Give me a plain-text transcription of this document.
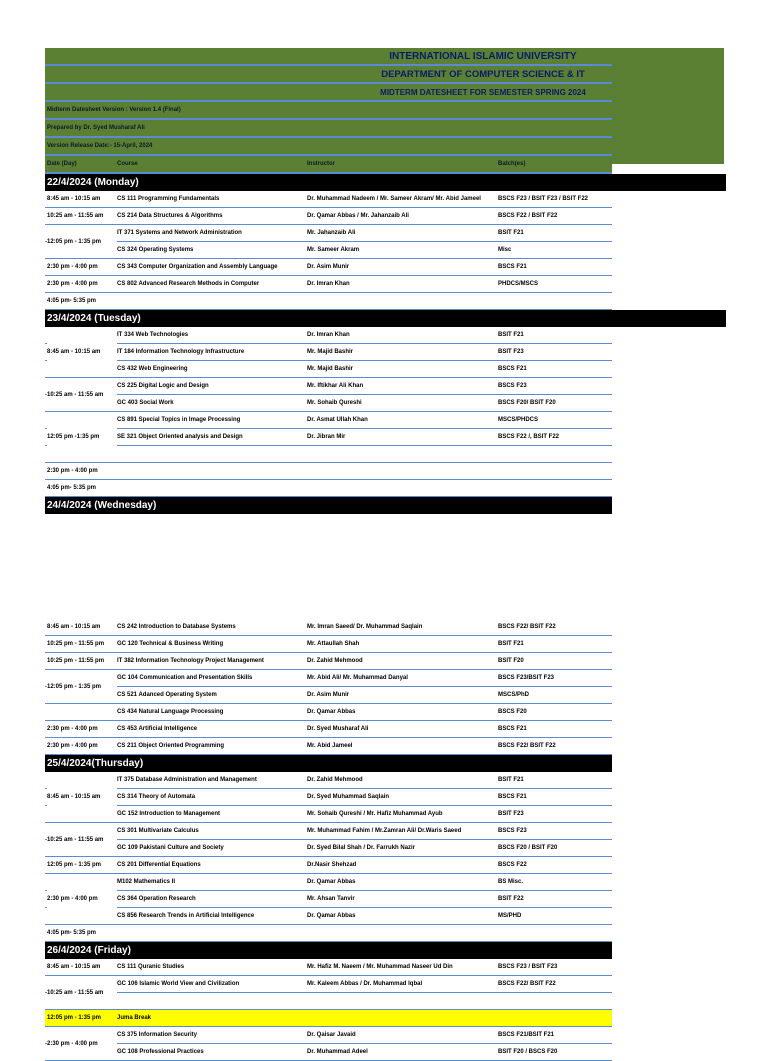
INTERNATIONAL ISLAMIC UNIVERSITY
DEPARTMENT OF COMPUTER SCIENCE & IT
MIDTERM DATESHEET FOR SEMESTER SPRING 2024
Midterm Datesheet Version : Version 1.4 (Final)
Prepared by Dr. Syed Musharaf Ali
Version Release Date:- 15-April, 2024
Date (Day)	Course	Instructor	Batch(es)
22/4/2024 (Monday)
8:45 am - 10:15 am	CS 111 Programming Fundamentals	Dr. Muhammad Nadeem / Mr. Sameer Akram/ Mr. Abid Jameel	BSCS F23 / BSIT F23 / BSIT F22
10:25 am - 11:55 am	CS 214 Data Structures & Algorithms	Dr. Qamar Abbas / Mr. Jahanzaib Ali	BSCS F22 / BSIT F22
12:05 pm - 1:35 pm
IT 371 Systems and Network Administration	Mr. Jahanzaib Ali	BSIT F21
CS 324 Operating Systems	Mr. Sameer Akram	Misc
2:30 pm - 4:00 pm	CS 343 Computer Organization and Assembly Language	Dr. Asim Munir	BSCS F21
2:30 pm - 4:00 pm	CS 802 Advanced Research Methods in Computer	Dr. Imran Khan	PHDCS/MSCS
4:05 pm- 5:35 pm
23/4/2024 (Tuesday)
8:45 am - 10:15 am
IT 334 Web Technologies	Dr. Imran Khan	BSIT F21
IT 184 Information Technology Infrastructure	Mr. Majid Bashir	BSIT F23
CS 432 Web Engineering	Mr. Majid Bashir	BSCS F21
10:25 am - 11:55 am
CS 225 Digital Logic and Design	Mr. Iftikhar Ali Khan	BSCS F23
GC 403 Social Work	Mr. Sohaib Qureshi	BSCS F20/ BSIT F20
12:05 pm -1:35 pm
CS 891 Special Topics in Image Processing	Dr. Asmat Ullah Khan	MSCS/PHDCS
SE 321 Object Oriented analysis and Design	Dr. Jibran Mir	BSCS F22 /, BSIT F22
2:30 pm - 4:00 pm
4:05 pm- 5:35 pm
24/4/2024 (Wednesday)
8:45 am - 10:15 am	CS 242 Introduction to Database Systems	Mr. Imran Saeed/ Dr. Muhammad Saqlain	BSCS F22/ BSIT F22
10:25 pm - 11:55 pm	GC 120 Technical & Business Writing	Mr. Attaullah Shah	BSIT F21
10:25 pm - 11:55 pm	IT 382 Information Technology Project Management	Dr. Zahid Mehmood	BSIT F20
12:05 pm - 1:35 pm
GC 104 Communication and Presentation Skills	Mr. Abid Ali/ Mr. Muhammad Danyal	BSCS F23/BSIT F23
CS 521 Adanced Operating System	Dr. Asim Munir	MSCS/PhD
CS 434 Natural Language Processing	Dr. Qamar Abbas	BSCS F20
2:30 pm - 4:00 pm	CS 453 Artificial Intelligence	Dr. Syed Musharaf Ali	BSCS F21
2:30 pm - 4:00 pm	CS 211 Object Oriented Programming	Mr. Abid Jameel	BSCS F22/ BSIT F22
25/4/2024(Thursday)
8:45 am - 10:15 am
IT 375 Database Administration and Management	Dr. Zahid Mehmood	BSIT F21
CS 314 Theory of Automata	Dr. Syed Muhammad Saqlain	BSCS F21
GC 152 Introduction to Management	Mr. Sohaib Qureshi / Mr. Hafiz Muhammad Ayub	BSIT F23
10:25 am - 11:55 am
CS 301 Multivariate Calculus	Mr. Muhammad Fahim / Mr.Zamran Ali/ Dr.Waris Saeed	BSCS F23
GC 109 Pakistani Culture and Society	Dr. Syed Bilal Shah / Dr. Farrukh Nazir	BSCS F20 / BSIT F20
12:05 pm - 1:35 pm	CS 201 Differential Equations	Dr.Nasir Shehzad	BSCS F22
2:30 pm - 4:00 pm
M102 Mathematics II	Dr. Qamar Abbas	BS Misc.
CS 364 Operation Research	Mr. Ahsan Tanvir	BSIT F22
CS 856 Research Trends in Artificial Intelligence	Dr. Qamar Abbas	MS/PHD
4:05 pm- 5:35 pm
26/4/2024 (Friday)
8:45 am - 10:15 am	CS 111 Quranic Studies	Mr. Hafiz M. Naeem / Mr. Muhammad Naseer Ud Din	BSCS F23 / BSIT F23
10:25 am - 11:55 am
GC 106 Islamic World View and Civilization	Mr. Kaleem Abbas / Dr. Muhammad Iqbal	BSCS F22/ BSIT F22
12:05 pm - 1:35 pm	Juma Break
2:30 pm - 4:00 pm
CS 375 Information Security	Dr. Qaisar Javaid	BSCS F21/BSIT F21
GC 108 Professional Practices	Dr. Muhammad Adeel	BSIT F20 / BSCS F20
